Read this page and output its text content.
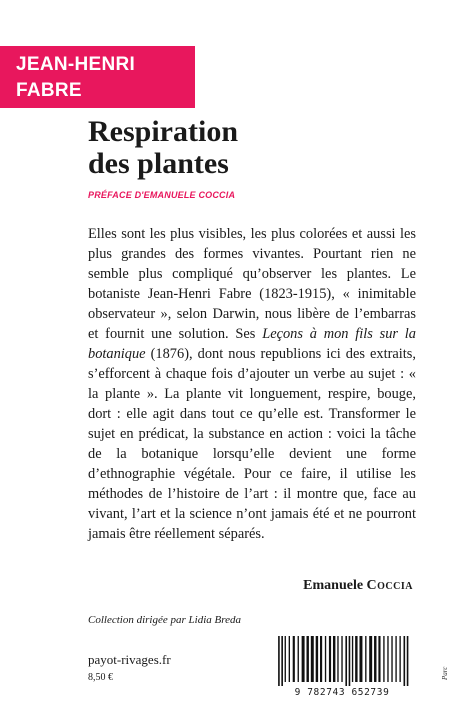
JEAN-HENRI
FABRE
Respiration
des plantes
PRÉFACE D'EMANUELE COCCIA
Elles sont les plus visibles, les plus colorées et aussi les plus grandes des formes vivantes. Pourtant rien ne semble plus compliqué qu’observer les plantes. Le botaniste Jean-Henri Fabre (1823-1915), « inimitable observateur », selon Darwin, nous libère de l’embarras et fournit une solution. Ses Leçons à mon fils sur la botanique (1876), dont nous republions ici des extraits, s’efforcent à chaque fois d’ajouter un verbe au sujet : « la plante ». La plante vit longuement, respire, bouge, dort : elle agit dans tout ce qu’elle est. Transformer le sujet en prédicat, la substance en action : voici la tâche de la botanique lorsqu’elle devient une forme d’ethnographie végétale. Pour ce faire, il utilise les méthodes de l’histoire de l’art : il montre que, face au vivant, l’art et la science n’ont jamais été et ne pourront jamais être réellement séparés.
Emanuele Coccia
Collection dirigée par Lidia Breda
payot-rivages.fr
8,50 €
9 782743 652739
Parc
